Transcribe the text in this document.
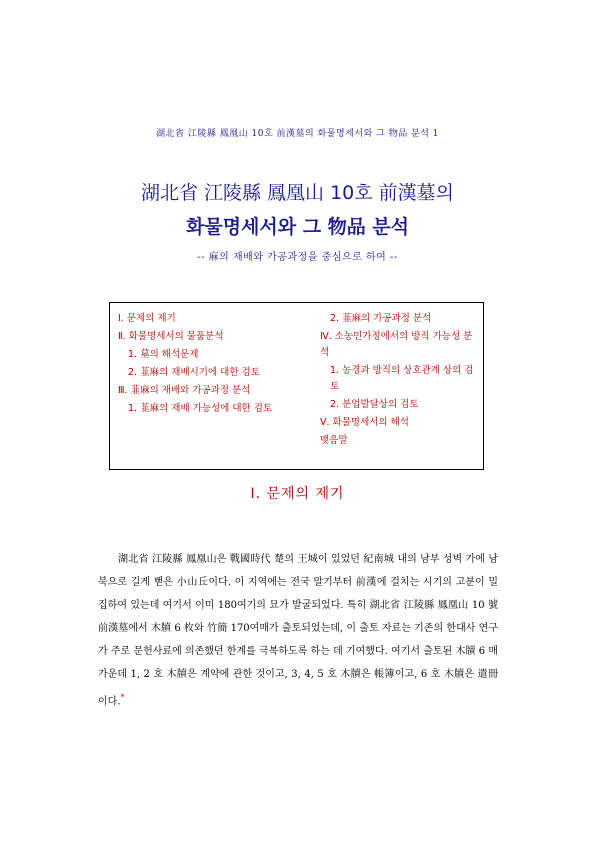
湖北省 江陵縣 鳳凰山 10호 前漢墓의 화물명세서와 그 物品 분석 1
湖北省 江陵縣 鳳凰山 10호 前漢墓의
화물명세서와 그 物品 분석
-- 麻의 재배와 가공과정을 중심으로 하여 --
Ⅰ. 문제의 제기
Ⅱ. 화물명세서의 물품분석
1. 墓의 해석문제
2. 韮麻의 재배시기에 대한 검토
Ⅲ. 韮麻의 재배와 가공과정 분석
1. 韮麻의 재배 가능성에 대한 검토
2. 韮麻의 가공과정 분석
Ⅳ. 소농민가정에서의 방직 가능성 분석
1. 농경과 방직의 상호관계 상의 검토
2. 분업발달상의 검토
Ⅴ. 화물명세서의 해석
맺음말
Ⅰ. 문제의 제기
湖北省 江陵縣 鳳凰山은 戰國時代 楚의 王城이 있었던 紀南城 내의 남부 성벽 가에 남북으로 길게 뻗은 小山丘이다. 이 지역에는 전국 말기부터 前漢에 걸치는 시기의 고분이 밀집하여 있는데 여기서 이미 180여기의 묘가 발굴되었다. 특히 湖北省 江陵縣 鳳凰山 10 號 前漢墓에서 木牘 6 枚와 竹簡 170여매가 출토되었는데, 이 출토 자료는 기존의 한대사 연구가 주로 문헌사료에 의존했던 한계를 극복하도록 하는 데 기여했다. 여기서 출토된 木牘 6 매 가운데 1, 2 호 木牘은 계약에 관한 것이고, 3, 4, 5 호 木牘은 帳簿이고, 6 호 木牘은 遣冊이다.*
